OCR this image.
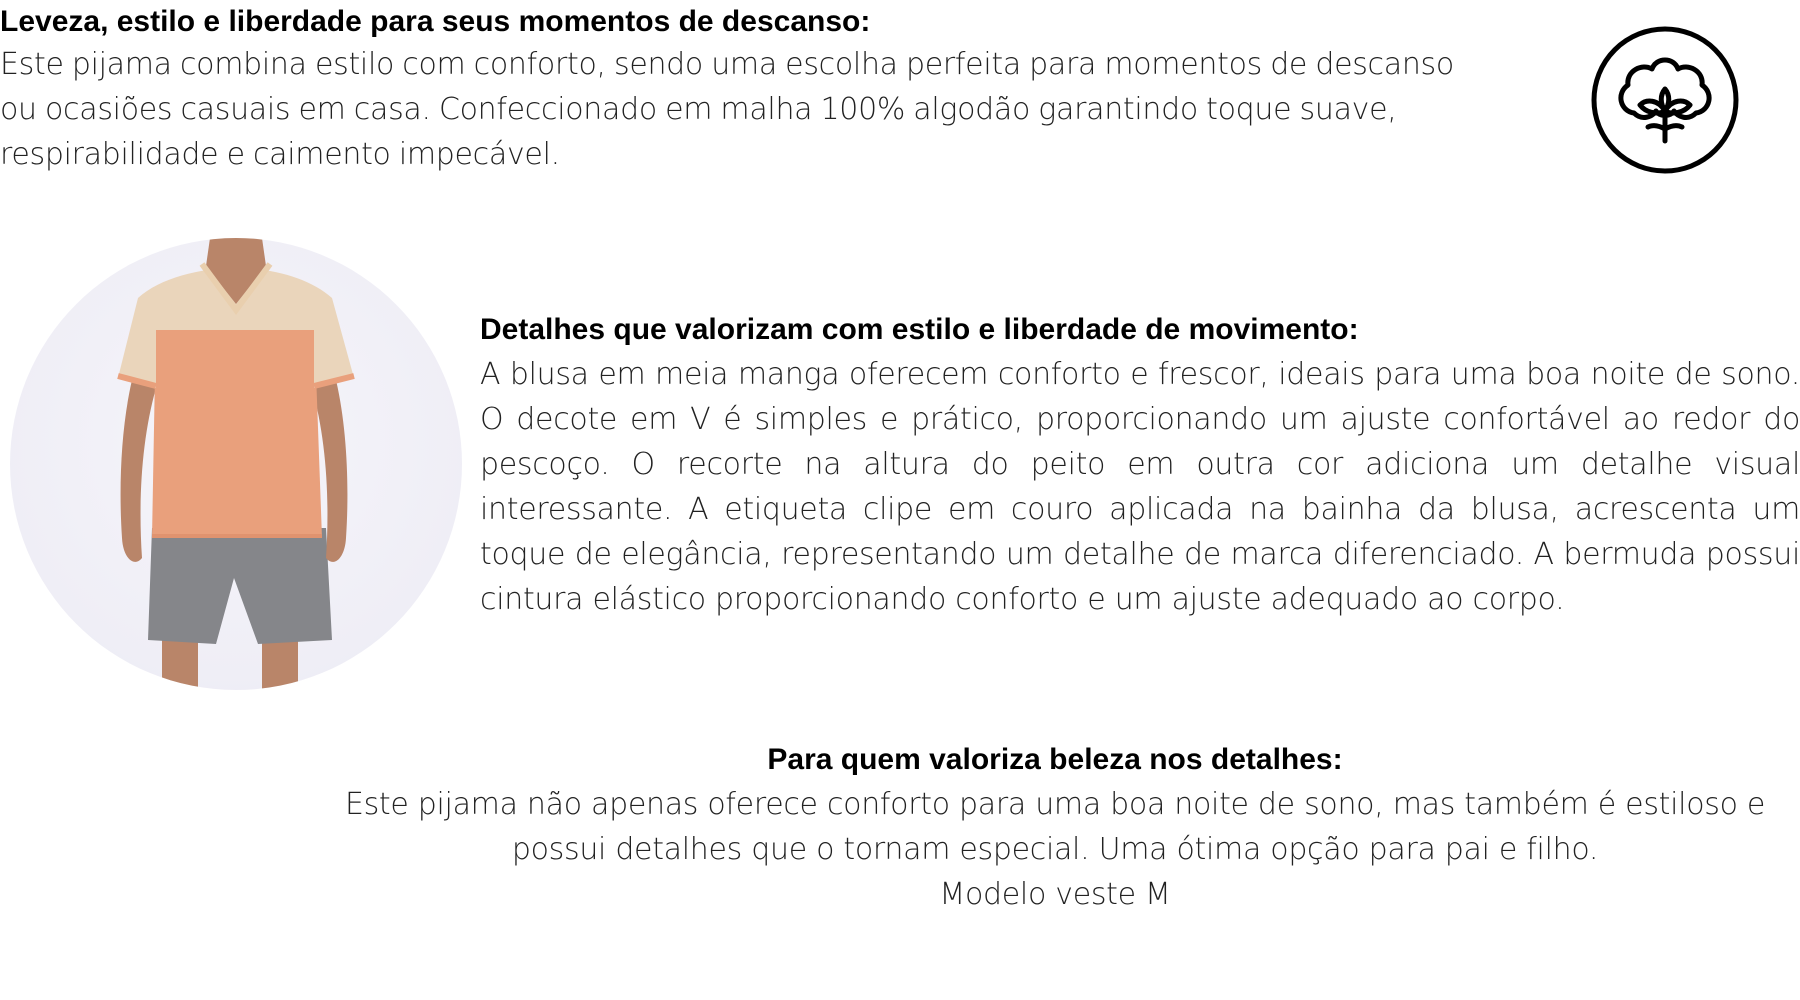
Leveza, estilo e liberdade para seus momentos de descanso:

Este pijama combina estilo com conforto, sendo uma escolha perfeita para momentos de descanso

ou ocasiões casuais em casa. Confeccionado em malha 100% algodão garantindo toque suave,

respirabilidade e caimento impecável.

Detalhes que valorizam com estilo e liberdade de movimento:

A blusa em meia manga oferecem conforto e frescor, ideais para uma boa noite de sono. O decote em V é simples e prático, proporcionando um ajuste confortável ao redor do pescoço. O recorte na altura do peito em outra cor adiciona um detalhe visual interessante. A etiqueta clipe em couro aplicada na bainha da blusa, acrescenta um toque de elegância, representando um detalhe de marca diferenciado. A bermuda possui cintura elástico proporcionando conforto e um ajuste adequado ao corpo.

Para quem valoriza beleza nos detalhes:

Este pijama não apenas oferece conforto para uma boa noite de sono, mas também é estiloso e

possui detalhes que o tornam especial. Uma ótima opção para pai e filho.

Modelo veste M
